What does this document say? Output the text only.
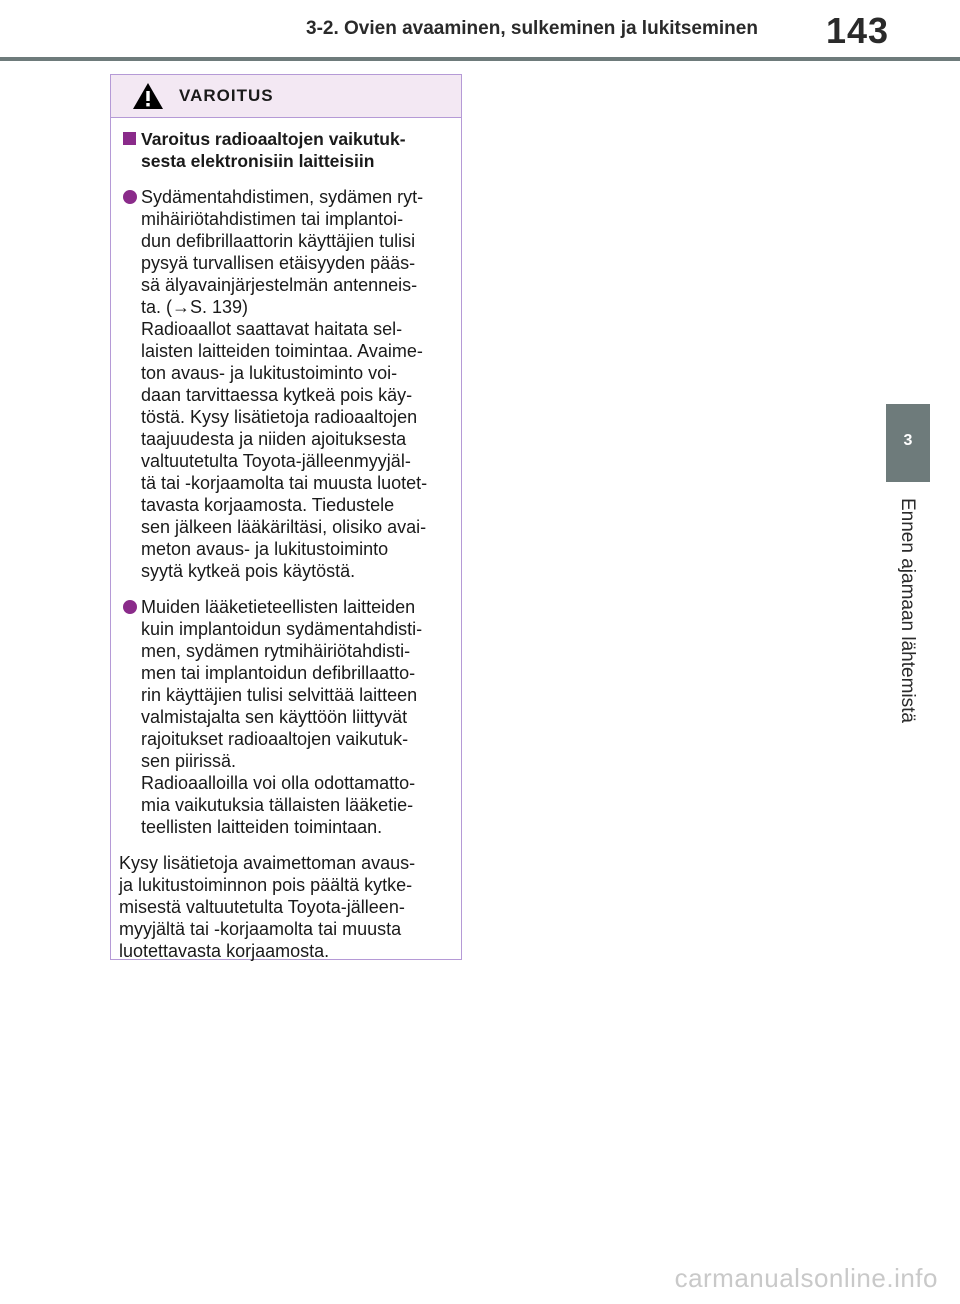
3-2. Ovien avaaminen, sulkeminen ja lukitseminen 143
3
Ennen ajamaan lähtemistä
VAROITUS
Varoitus radioaaltojen vaikutuk-
sesta elektronisiin laitteisiin
Sydämentahdistimen, sydämen ryt-
mihäiriötahdistimen tai implantoi-
dun defibrillaattorin käyttäjien tulisi
pysyä turvallisen etäisyyden pääs-
sä älyavainjärjestelmän antenneis-
ta. (→S. 139)
Radioaallot saattavat haitata sel-
laisten laitteiden toimintaa. Avaime-
ton avaus- ja lukitustoiminto voi-
daan tarvittaessa kytkeä pois käy-
töstä. Kysy lisätietoja radioaaltojen
taajuudesta ja niiden ajoituksesta
valtuutetulta Toyota-jälleenmyyjäl-
tä tai -korjaamolta tai muusta luotet-
tavasta korjaamosta. Tiedustele
sen jälkeen lääkäriltäsi, olisiko avai-
meton avaus- ja lukitustoiminto
syytä kytkeä pois käytöstä.
Muiden lääketieteellisten laitteiden
kuin implantoidun sydämentahdisti-
men, sydämen rytmihäiriötahdisti-
men tai implantoidun defibrillaatto-
rin käyttäjien tulisi selvittää laitteen
valmistajalta sen käyttöön liittyvät
rajoitukset radioaaltojen vaikutuk-
sen piirissä.
Radioaalloilla voi olla odottamatto-
mia vaikutuksia tällaisten lääketie-
teellisten laitteiden toimintaan.
Kysy lisätietoja avaimettoman avaus-
ja lukitustoiminnon pois päältä kytke-
misestä valtuutetulta Toyota-jälleen-
myyjältä tai -korjaamolta tai muusta
luotettavasta korjaamosta.
carmanualsonline.info
